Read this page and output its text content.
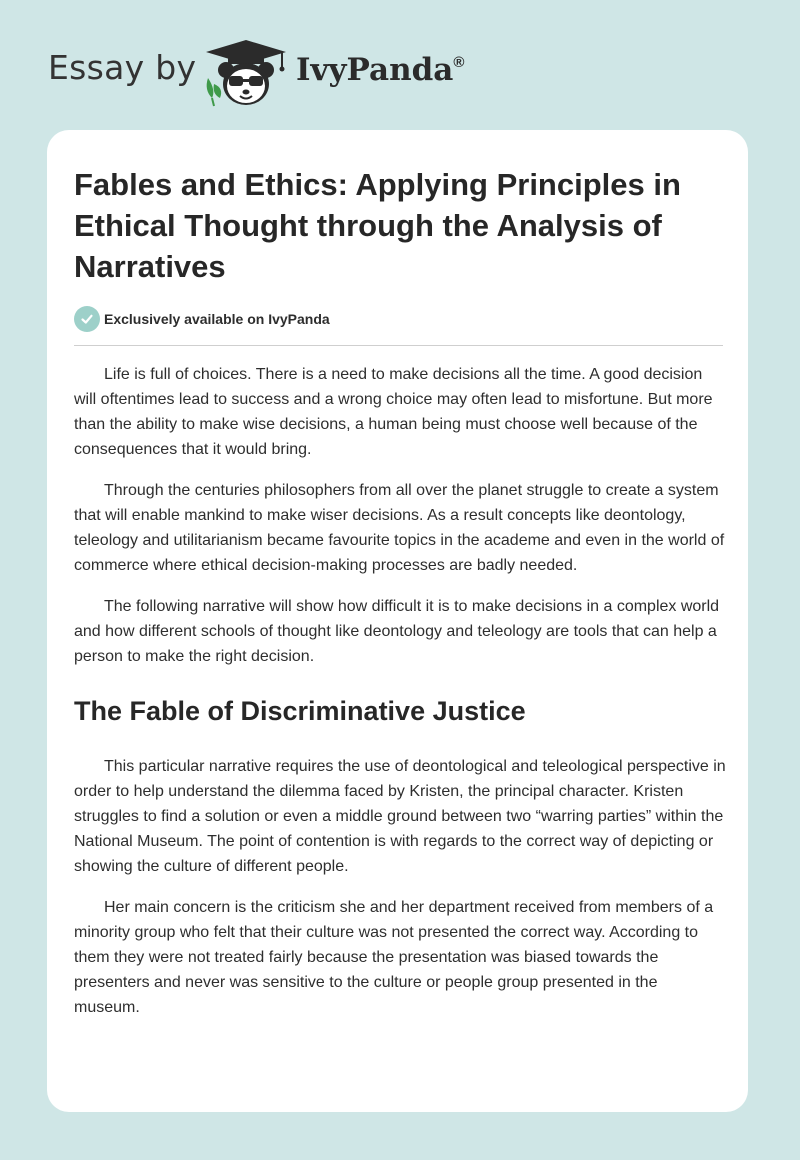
Essay by	IvyPanda®
Fables and Ethics: Applying Principles in Ethical Thought through the Analysis of Narratives
Exclusively available on IvyPanda

Life is full of choices. There is a need to make decisions all the time. A good decision will oftentimes lead to success and a wrong choice may often lead to misfortune. But more than the ability to make wise decisions, a human being must choose well because of the consequences that it would bring.

Through the centuries philosophers from all over the planet struggle to create a system that will enable mankind to make wiser decisions. As a result concepts like deontology, teleology and utilitarianism became favourite topics in the academe and even in the world of commerce where ethical decision-making processes are badly needed.

The following narrative will show how difficult it is to make decisions in a complex world and how different schools of thought like deontology and teleology are tools that can help a person to make the right decision.

The Fable of Discriminative Justice

This particular narrative requires the use of deontological and teleological perspective in order to help understand the dilemma faced by Kristen, the principal character. Kristen struggles to find a solution or even a middle ground between two “warring parties” within the National Museum. The point of contention is with regards to the correct way of depicting or showing the culture of different people.

Her main concern is the criticism she and her department received from members of a minority group who felt that their culture was not presented the correct way. According to them they were not treated fairly because the presentation was biased towards the presenters and never was sensitive to the culture or people group presented in the museum.
